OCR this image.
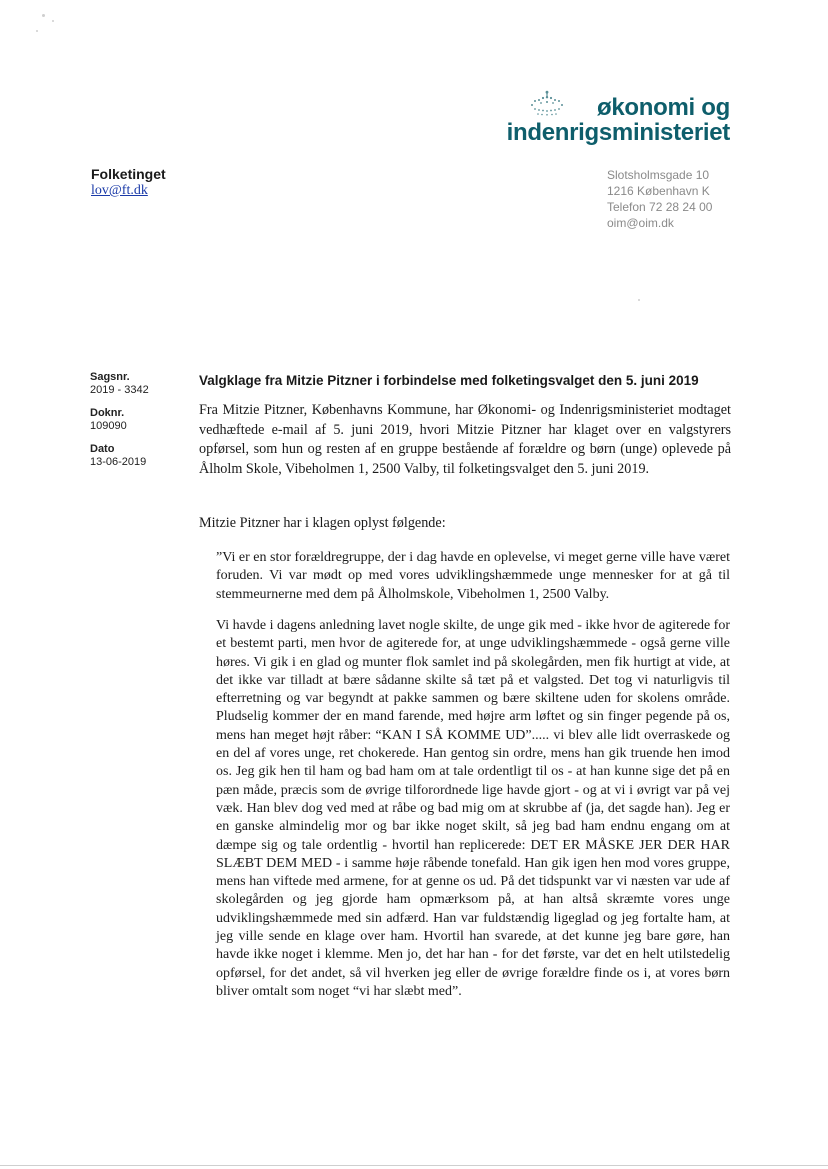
økonomi og
indenrigsministeriet
Folketinget
lov@ft.dk
Slotsholmsgade 10
1216 København K
Telefon 72 28 24 00
oim@oim.dk
Sagsnr.
2019 - 3342
Doknr.
109090
Dato
13-06-2019
Valgklage fra Mitzie Pitzner i forbindelse med folketingsvalget den 5. juni 2019
Fra Mitzie Pitzner, Københavns Kommune, har Økonomi- og Indenrigsministeriet modtaget vedhæftede e-mail af 5. juni 2019, hvori Mitzie Pitzner har klaget over en valgstyrers opførsel, som hun og resten af en gruppe bestående af forældre og børn (unge) oplevede på Ålholm Skole, Vibeholmen 1, 2500 Valby, til folketingsvalget den 5. juni 2019.
Mitzie Pitzner har i klagen oplyst følgende:
”Vi er en stor forældregruppe, der i dag havde en oplevelse, vi meget gerne ville have været foruden. Vi var mødt op med vores udviklingshæmmede unge mennesker for at gå til stemmeurnerne med dem på Ålholmskole, Vibeholmen 1, 2500 Valby.
Vi havde i dagens anledning lavet nogle skilte, de unge gik med - ikke hvor de agiterede for et bestemt parti, men hvor de agiterede for, at unge udviklingshæmmede - også gerne ville høres. Vi gik i en glad og munter flok samlet ind på skolegården, men fik hurtigt at vide, at det ikke var tilladt at bære sådanne skilte så tæt på et valgsted. Det tog vi naturligvis til efterretning og var begyndt at pakke sammen og bære skiltene uden for skolens område. Pludselig kommer der en mand farende, med højre arm løftet og sin finger pegende på os, mens han meget højt råber: “KAN I SÅ KOMME UD”..... vi blev alle lidt overraskede og en del af vores unge, ret chokerede. Han gentog sin ordre, mens han gik truende hen imod os. Jeg gik hen til ham og bad ham om at tale ordentligt til os - at han kunne sige det på en pæn måde, præcis som de øvrige tilforordnede lige havde gjort - og at vi i øvrigt var på vej væk. Han blev dog ved med at råbe og bad mig om at skrubbe af (ja, det sagde han). Jeg er en ganske almindelig mor og bar ikke noget skilt, så jeg bad ham endnu engang om at dæmpe sig og tale ordentlig - hvortil han replicerede: DET ER MÅSKE JER DER HAR SLÆBT DEM MED - i samme høje råbende tonefald. Han gik igen hen mod vores gruppe, mens han viftede med armene, for at genne os ud. På det tidspunkt var vi næsten var ude af skolegården og jeg gjorde ham opmærksom på, at han altså skræmte vores unge udviklingshæmmede med sin adfærd. Han var fuldstændig ligeglad og jeg fortalte ham, at jeg ville sende en klage over ham. Hvortil han svarede, at det kunne jeg bare gøre, han havde ikke noget i klemme. Men jo, det har han - for det første, var det en helt utilstedelig opførsel, for det andet, så vil hverken jeg eller de øvrige forældre finde os i, at vores børn bliver omtalt som noget “vi har slæbt med”.
